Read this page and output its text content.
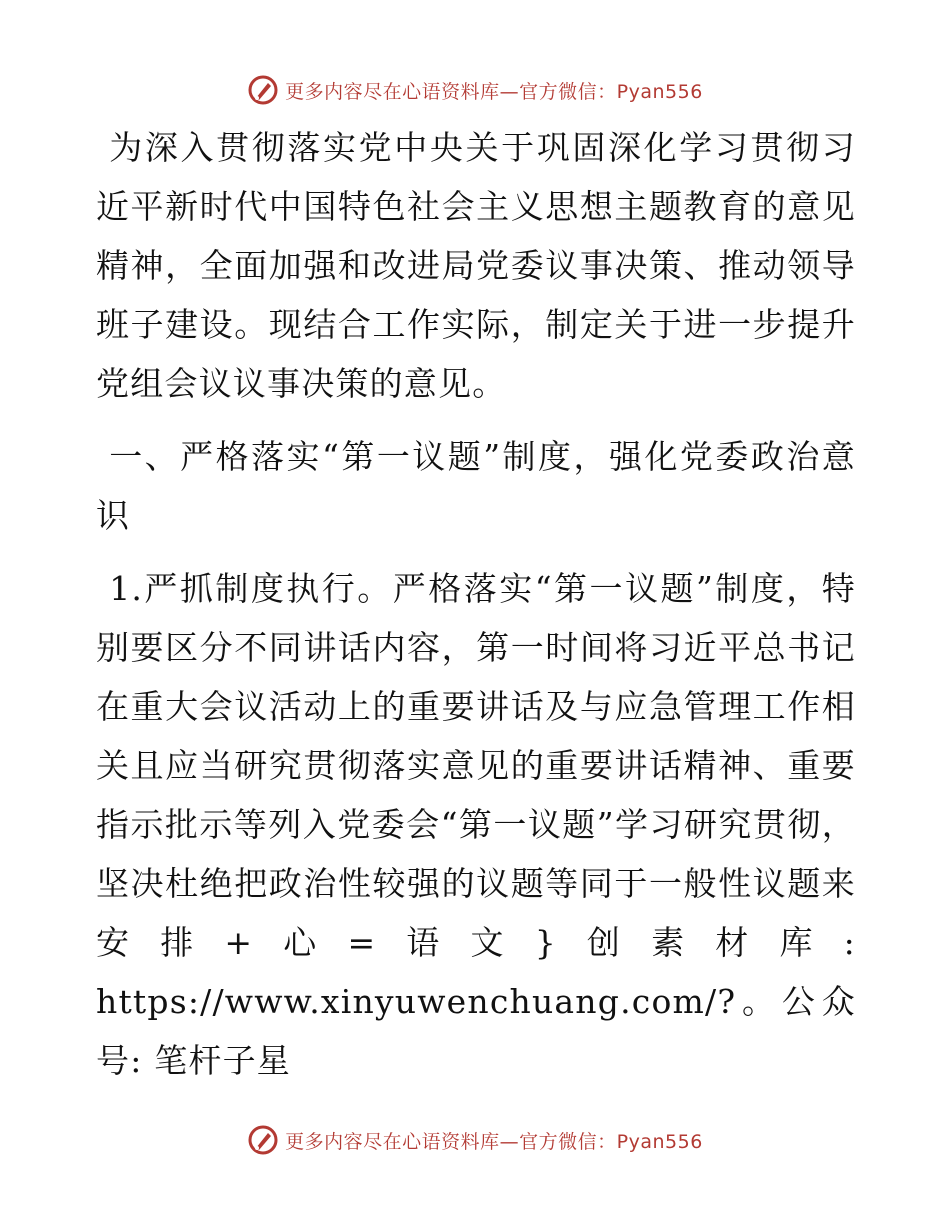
更多内容尽在心语资料库—官方微信：Pyan556

为深入贯彻落实党中央关于巩固深化学习贯彻习近平新时代中国特色社会主义思想主题教育的意见精神，全面加强和改进局党委议事决策、推动领导班子建设。现结合工作实际，制定关于进一步提升党组会议议事决策的意见。

一、严格落实“第一议题”制度，强化党委政治意识

1.严抓制度执行。严格落实“第一议题”制度，特别要区分不同讲话内容，第一时间将习近平总书记在重大会议活动上的重要讲话及与应急管理工作相关且应当研究贯彻落实意见的重要讲话精神、重要指示批示等列入党委会“第一议题”学习研究贯彻，坚决杜绝把政治性较强的议题等同于一般性议题来安排+心=语文}创素材库: https://www.xinyuwenchuang.com/?。公众号: 笔杆子星

更多内容尽在心语资料库—官方微信：Pyan556
